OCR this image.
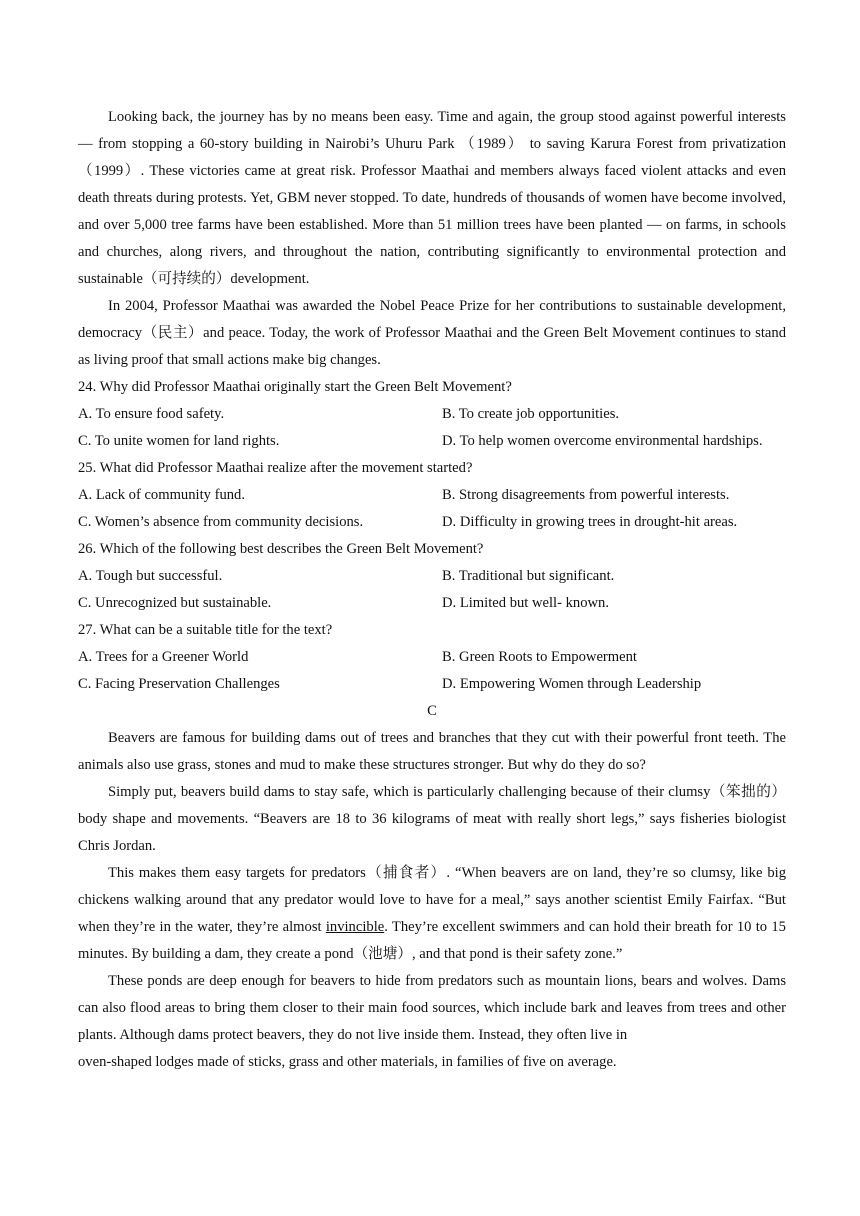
Looking back, the journey has by no means been easy. Time and again, the group stood against powerful interests — from stopping a 60-story building in Nairobi’s Uhuru Park （1989） to saving Karura Forest from privatization （1999）. These victories came at great risk. Professor Maathai and members always faced violent attacks and even death threats during protests. Yet, GBM never stopped. To date, hundreds of thousands of women have become involved, and over 5,000 tree farms have been established. More than 51 million trees have been planted — on farms, in schools and churches, along rivers, and throughout the nation, contributing significantly to environmental protection and sustainable（可持续的）development.

In 2004, Professor Maathai was awarded the Nobel Peace Prize for her contributions to sustainable development, democracy（民主）and peace. Today, the work of Professor Maathai and the Green Belt Movement continues to stand as living proof that small actions make big changes.

24. Why did Professor Maathai originally start the Green Belt Movement?

A. To ensure food safety.	B. To create job opportunities.
C. To unite women for land rights.	D. To help women overcome environmental hardships.

25. What did Professor Maathai realize after the movement started?

A. Lack of community fund.	B. Strong disagreements from powerful interests.
C. Women’s absence from community decisions.	D. Difficulty in growing trees in drought-hit areas.

26. Which of the following best describes the Green Belt Movement?

A. Tough but successful.	B. Traditional but significant.
C. Unrecognized but sustainable.	D. Limited but well- known.

27. What can be a suitable title for the text?

A. Trees for a Greener World	B. Green Roots to Empowerment
C. Facing Preservation Challenges	D. Empowering Women through Leadership

C

Beavers are famous for building dams out of trees and branches that they cut with their powerful front teeth. The animals also use grass, stones and mud to make these structures stronger. But why do they do so?

Simply put, beavers build dams to stay safe, which is particularly challenging because of their clumsy（笨拙的）body shape and movements. “Beavers are 18 to 36 kilograms of meat with really short legs,” says fisheries biologist Chris Jordan.

This makes them easy targets for predators（捕食者）. “When beavers are on land, they’re so clumsy, like big chickens walking around that any predator would love to have for a meal,” says another scientist Emily Fairfax. “But when they’re in the water, they’re almost invincible. They’re excellent swimmers and can hold their breath for 10 to 15 minutes. By building a dam, they create a pond（池塘）, and that pond is their safety zone.”

These ponds are deep enough for beavers to hide from predators such as mountain lions, bears and wolves. Dams can also flood areas to bring them closer to their main food sources, which include bark and leaves from trees and other plants. Although dams protect beavers, they do not live inside them. Instead, they often live in

oven-shaped lodges made of sticks, grass and other materials, in families of five on average.
